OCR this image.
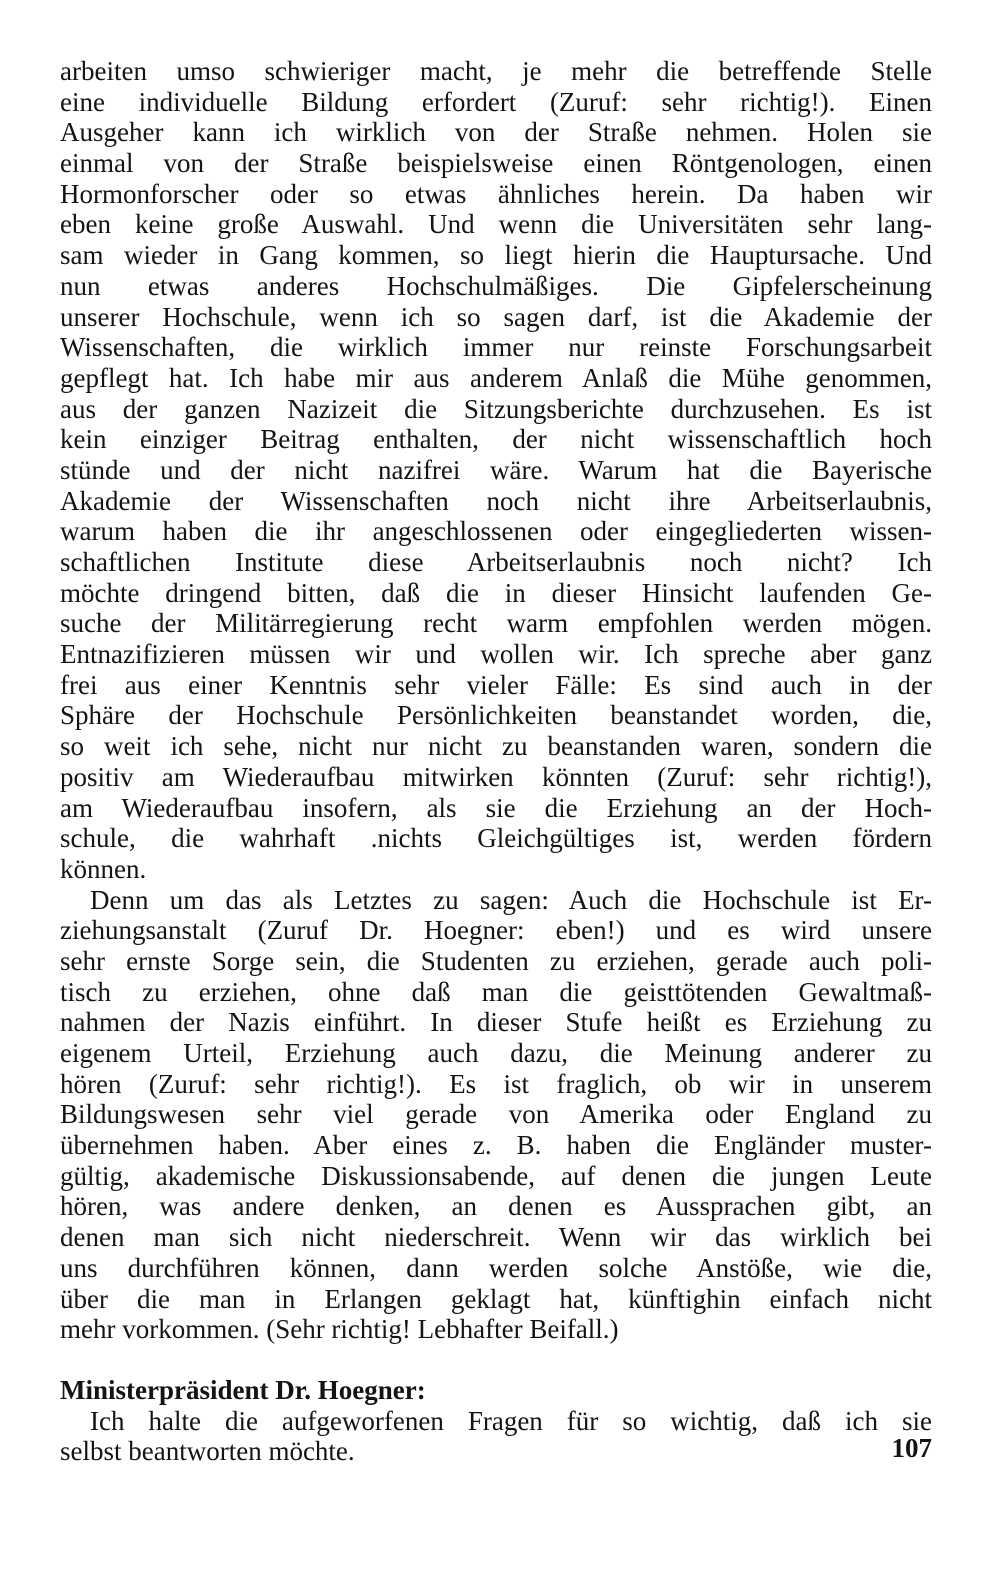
arbeiten umso schwieriger macht, je mehr die betreffende Stelle
eine individuelle Bildung erfordert (Zuruf: sehr richtig!). Einen
Ausgeher kann ich wirklich von der Straße nehmen. Holen sie
einmal von der Straße beispielsweise einen Röntgenologen, einen
Hormonforscher oder so etwas ähnliches herein. Da haben wir
eben keine große Auswahl. Und wenn die Universitäten sehr lang-
sam wieder in Gang kommen, so liegt hierin die Hauptursache. Und
nun etwas anderes Hochschulmäßiges. Die Gipfelerscheinung
unserer Hochschule, wenn ich so sagen darf, ist die Akademie der
Wissenschaften, die wirklich immer nur reinste Forschungsarbeit
gepflegt hat. Ich habe mir aus anderem Anlaß die Mühe genommen,
aus der ganzen Nazizeit die Sitzungsberichte durchzusehen. Es ist
kein einziger Beitrag enthalten, der nicht wissenschaftlich hoch
stünde und der nicht nazifrei wäre. Warum hat die Bayerische
Akademie der Wissenschaften noch nicht ihre Arbeitserlaubnis,
warum haben die ihr angeschlossenen oder eingegliederten wissen-
schaftlichen Institute diese Arbeitserlaubnis noch nicht? Ich
möchte dringend bitten, daß die in dieser Hinsicht laufenden Ge-
suche der Militärregierung recht warm empfohlen werden mögen.
Entnazifizieren müssen wir und wollen wir. Ich spreche aber ganz
frei aus einer Kenntnis sehr vieler Fälle: Es sind auch in der
Sphäre der Hochschule Persönlichkeiten beanstandet worden, die,
so weit ich sehe, nicht nur nicht zu beanstanden waren, sondern die
positiv am Wiederaufbau mitwirken könnten (Zuruf: sehr richtig!),
am Wiederaufbau insofern, als sie die Erziehung an der Hoch-
schule, die wahrhaft .nichts Gleichgültiges ist, werden fördern
können.
Denn um das als Letztes zu sagen: Auch die Hochschule ist Er-
ziehungsanstalt (Zuruf Dr. Hoegner: eben!) und es wird unsere
sehr ernste Sorge sein, die Studenten zu erziehen, gerade auch poli-
tisch zu erziehen, ohne daß man die geisttötenden Gewaltmaß-
nahmen der Nazis einführt. In dieser Stufe heißt es Erziehung zu
eigenem Urteil, Erziehung auch dazu, die Meinung anderer zu
hören (Zuruf: sehr richtig!). Es ist fraglich, ob wir in unserem
Bildungswesen sehr viel gerade von Amerika oder England zu
übernehmen haben. Aber eines z. B. haben die Engländer muster-
gültig, akademische Diskussionsabende, auf denen die jungen Leute
hören, was andere denken, an denen es Aussprachen gibt, an
denen man sich nicht niederschreit. Wenn wir das wirklich bei
uns durchführen können, dann werden solche Anstöße, wie die,
über die man in Erlangen geklagt hat, künftighin einfach nicht
mehr vorkommen. (Sehr richtig! Lebhafter Beifall.)
Ministerpräsident Dr. Hoegner:
Ich halte die aufgeworfenen Fragen für so wichtig, daß ich sie
selbst beantworten möchte.	107
